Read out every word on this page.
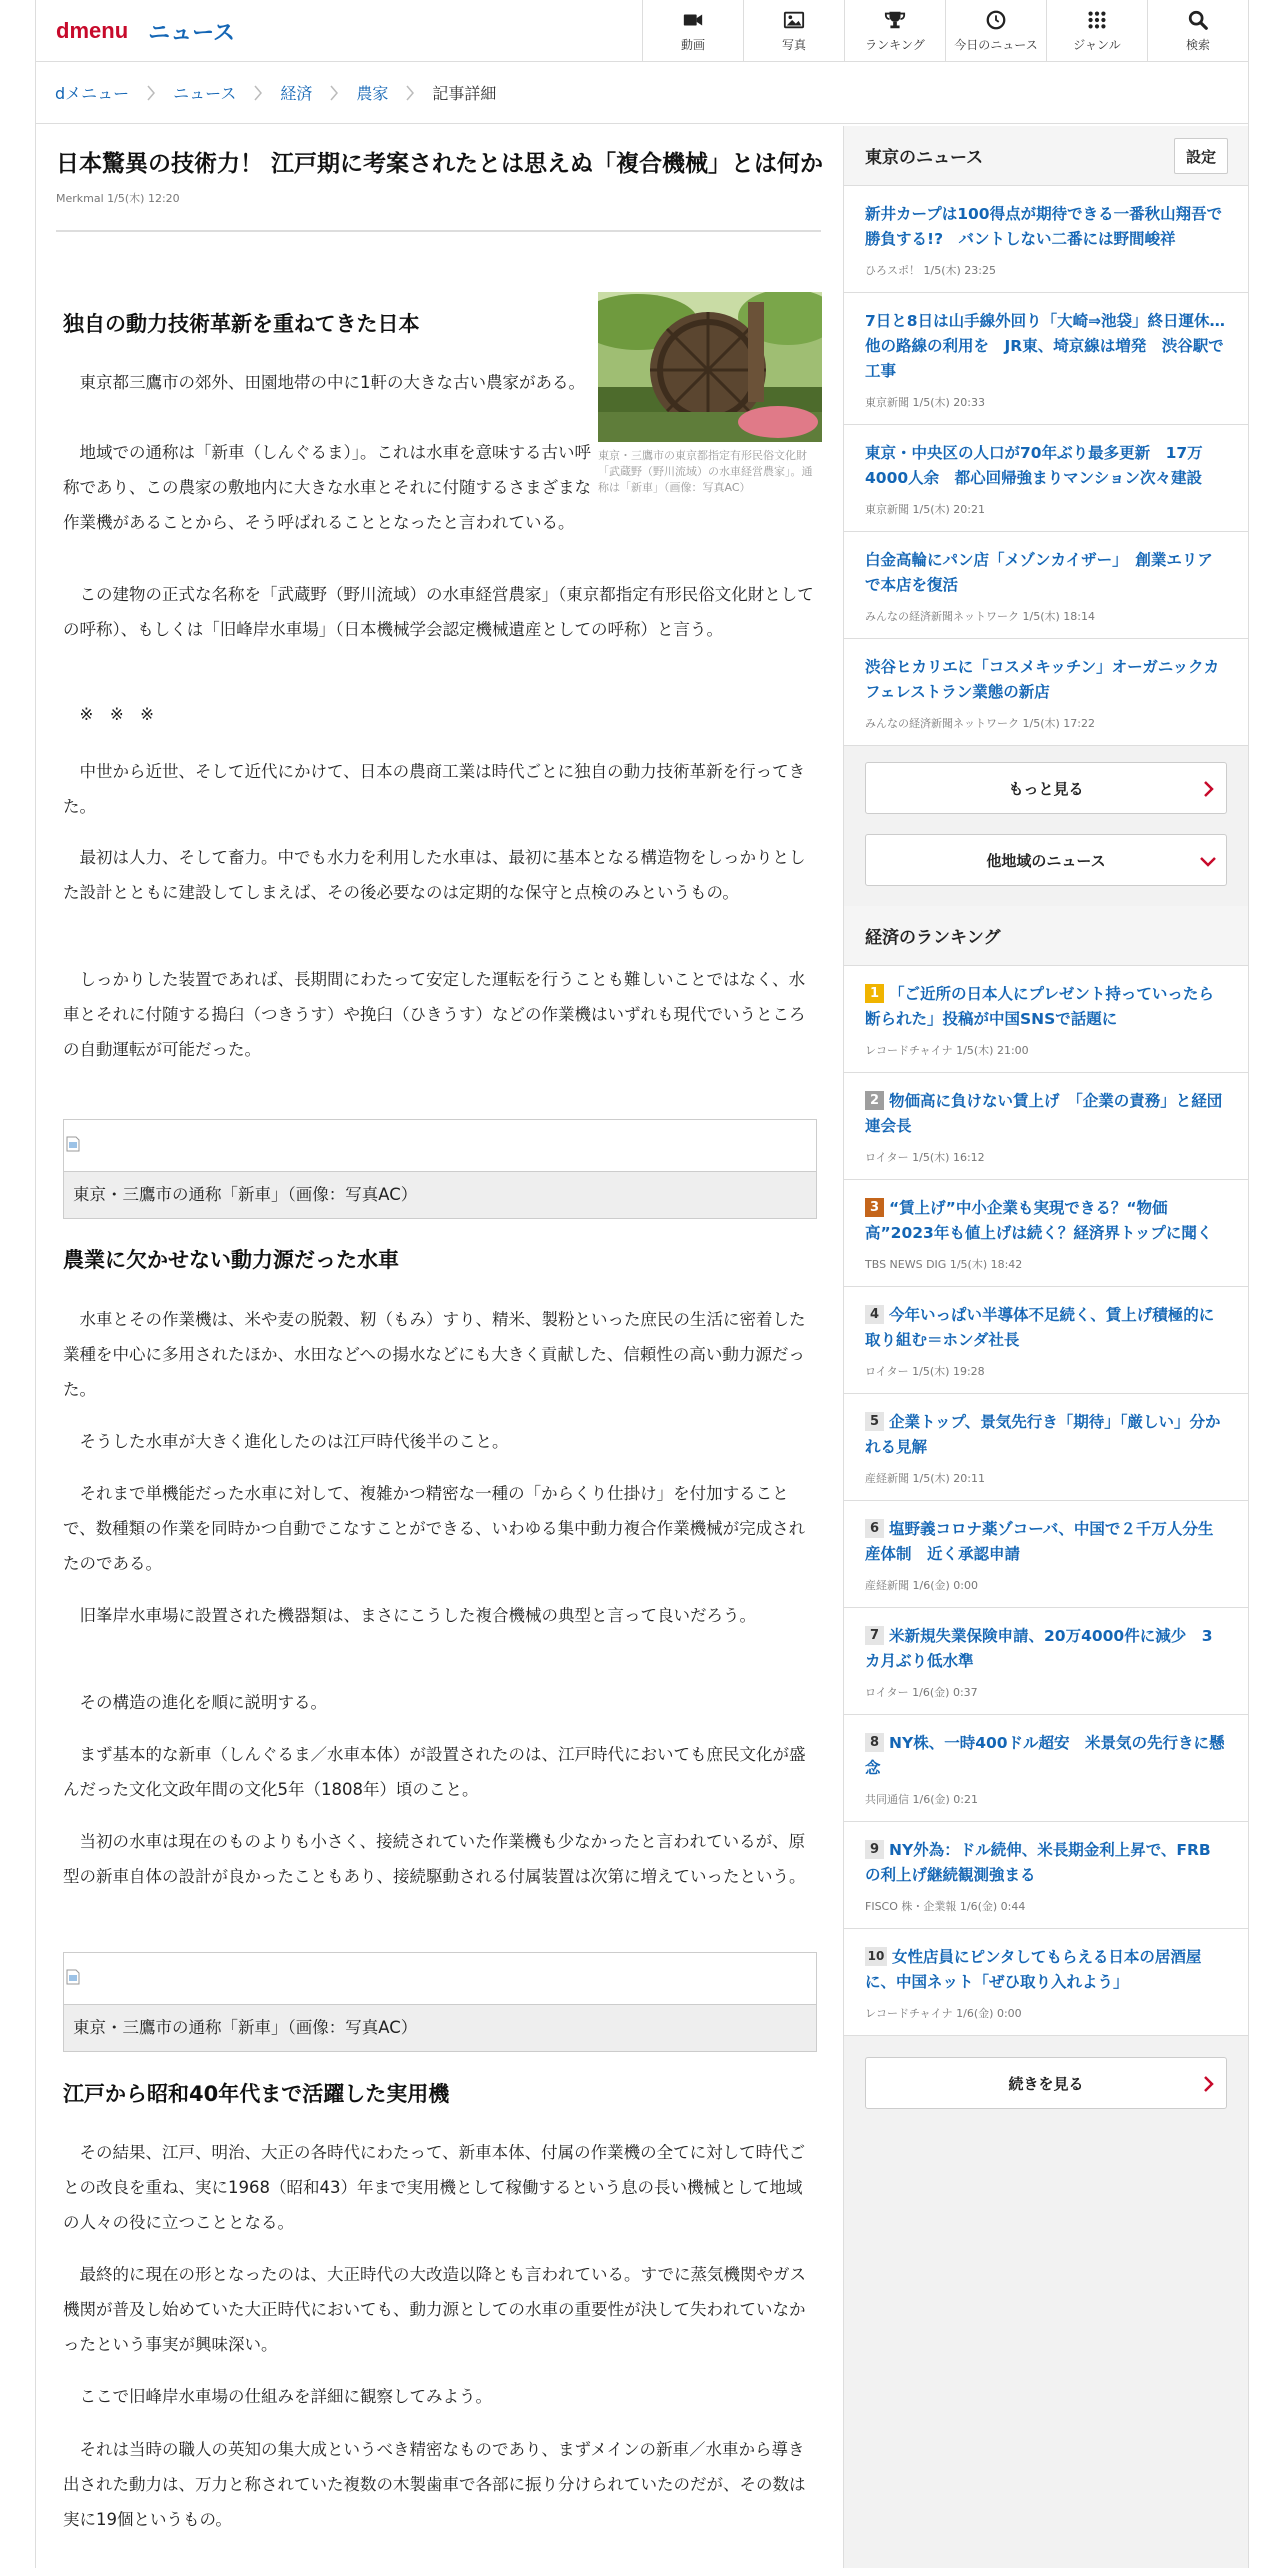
d menu ニュース	動画	写真	ランキング 今日のニュース	ジャンル	検索
dメニュー	ニュース	経済	農家	記事詳細
日本驚異の技術力！ 江戸期に考案されたとは思えぬ「複合機械」とは何か
Merkmal 1/5(木) 12:20
東京・三鷹市の東京都指定有形民俗文化財「武蔵野（野川流域）の水車経営農家」。通称は「新車」（画像：写真AC）
独自の動力技術革新を重ねてきた日本

東京都三鷹市の郊外、田園地帯の中に1軒の大きな古い農家がある。

地域での通称は「新車（しんぐるま）」。これは水車を意味する古い呼称であり、この農家の敷地内に大きな水車とそれに付随するさまざまな作業機があることから、そう呼ばれることとなったと言われている。

この建物の正式な名称を「武蔵野（野川流域）の水車経営農家」（東京都指定有形民俗文化財としての呼称）、もしくは「旧峰岸水車場」（日本機械学会認定機械遺産としての呼称）と言う。

※　※　※

中世から近世、そして近代にかけて、日本の農商工業は時代ごとに独自の動力技術革新を行ってきた。

最初は人力、そして畜力。中でも水力を利用した水車は、最初に基本となる構造物をしっかりとした設計とともに建設してしまえば、その後必要なのは定期的な保守と点検のみというもの。

しっかりした装置であれば、長期間にわたって安定した運転を行うことも難しいことではなく、水車とそれに付随する搗臼（つきうす）や挽臼（ひきうす）などの作業機はいずれも現代でいうところの自動運転が可能だった。

東京・三鷹市の通称「新車」（画像：写真AC）
農業に欠かせない動力源だった水車

水車とその作業機は、米や麦の脱穀、籾（もみ）すり、精米、製粉といった庶民の生活に密着した業種を中心に多用されたほか、水田などへの揚水などにも大きく貢献した、信頼性の高い動力源だった。

そうした水車が大きく進化したのは江戸時代後半のこと。

それまで単機能だった水車に対して、複雑かつ精密な一種の「からくり仕掛け」を付加することで、数種類の作業を同時かつ自動でこなすことができる、いわゆる集中動力複合作業機械が完成されたのである。

旧峯岸水車場に設置された機器類は、まさにこうした複合機械の典型と言って良いだろう。

その構造の進化を順に説明する。

まず基本的な新車（しんぐるま／水車本体）が設置されたのは、江戸時代においても庶民文化が盛んだった文化文政年間の文化5年（1808年）頃のこと。

当初の水車は現在のものよりも小さく、接続されていた作業機も少なかったと言われているが、原型の新車自体の設計が良かったこともあり、接続駆動される付属装置は次第に増えていったという。

東京・三鷹市の通称「新車」（画像：写真AC）
江戸から昭和40年代まで活躍した実用機

その結果、江戸、明治、大正の各時代にわたって、新車本体、付属の作業機の全てに対して時代ごとの改良を重ね、実に1968（昭和43）年まで実用機として稼働するという息の長い機械として地域の人々の役に立つこととなる。

最終的に現在の形となったのは、大正時代の大改造以降とも言われている。すでに蒸気機関やガス機関が普及し始めていた大正時代においても、動力源としての水車の重要性が決して失われていなかったという事実が興味深い。

ここで旧峰岸水車場の仕組みを詳細に観察してみよう。

それは当時の職人の英知の集大成というべき精密なものであり、まずメインの新車／水車から導き出された動力は、万力と称されていた複数の木製歯車で各部に振り分けられていたのだが、その数は実に19個というもの。

東京のニュース	設定
新井カープは100得点が期待できる一番秋山翔吾で勝負する!?　バントしない二番には野間峻祥
ひろスポ！ 1/5(木) 23:25
7日と8日は山手線外回り「大崎⇒池袋」終日運休…他の路線の利用を　JR東、埼京線は増発　渋谷駅で工事
東京新聞 1/5(木) 20:33
東京・中央区の人口が70年ぶり最多更新　17万4000人余　都心回帰強まりマンション次々建設
東京新聞 1/5(木) 20:21
白金高輪にパン店「メゾンカイザー」　創業エリアで本店を復活
みんなの経済新聞ネットワーク 1/5(木) 18:14
渋谷ヒカリエに「コスメキッチン」オーガニックカフェレストラン業態の新店
みんなの経済新聞ネットワーク 1/5(木) 17:22
もっと見る
他地域のニュース
経済のランキング
1 「ご近所の日本人にプレゼント持っていったら断られた」投稿が中国SNSで話題に
レコードチャイナ 1/5(木) 21:00
2 物価高に負けない賃上げ　「企業の責務」と経団連会長
ロイター 1/5(木) 16:12
3 “賃上げ”中小企業も実現できる？“物価高”2023年も値上げは続く？経済界トップに聞く
TBS NEWS DIG 1/5(木) 18:42
4 今年いっぱい半導体不足続く、賃上げ積極的に取り組む＝ホンダ社長
ロイター 1/5(木) 19:28
5 企業トップ、景気先行き「期待」「厳しい」分かれる見解
産経新聞 1/5(木) 20:11
6 塩野義コロナ薬ゾコーバ、中国で２千万人分生産体制　近く承認申請
産経新聞 1/6(金) 0:00
7 米新規失業保険申請、20万4000件に減少　3カ月ぶり低水準
ロイター 1/6(金) 0:37
8 NY株、一時400ドル超安　米景気の先行きに懸念
共同通信 1/6(金) 0:21
9 NY外為：ドル続伸、米長期金利上昇で、FRBの利上げ継続観測強まる
FISCO 株・企業報 1/6(金) 0:44
10 女性店員にピンタしてもらえる日本の居酒屋に、中国ネット「ぜひ取り入れよう」
レコードチャイナ 1/6(金) 0:00
続きを見る
